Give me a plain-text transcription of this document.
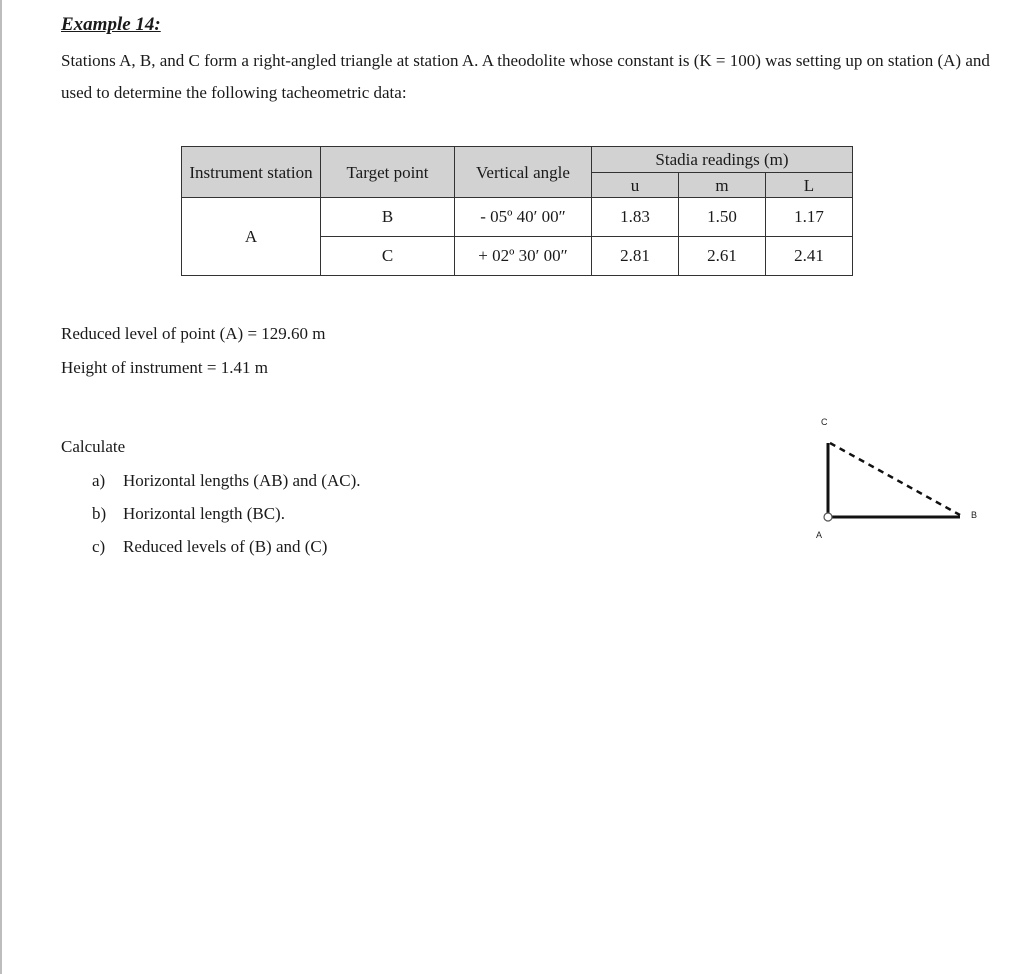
Example 14:

Stations A, B, and C form a right-angled triangle at station A. A theodolite whose constant is (K = 100) was setting up on station (A) and used to determine the following tacheometric data:

Instrument station	Target point	Vertical angle	Stadia readings (m)		
			u	m	L
A	B	- 05º 40′ 00″	1.83	1.50	1.17
	C	+ 02º 30′ 00″	2.81	2.61	2.41

Reduced level of point (A) = 129.60 m

Height of instrument = 1.41 m

Calculate

a) Horizontal lengths (AB) and (AC).
b) Horizontal length (BC).
c) Reduced levels of (B) and (C)
C
A
B
